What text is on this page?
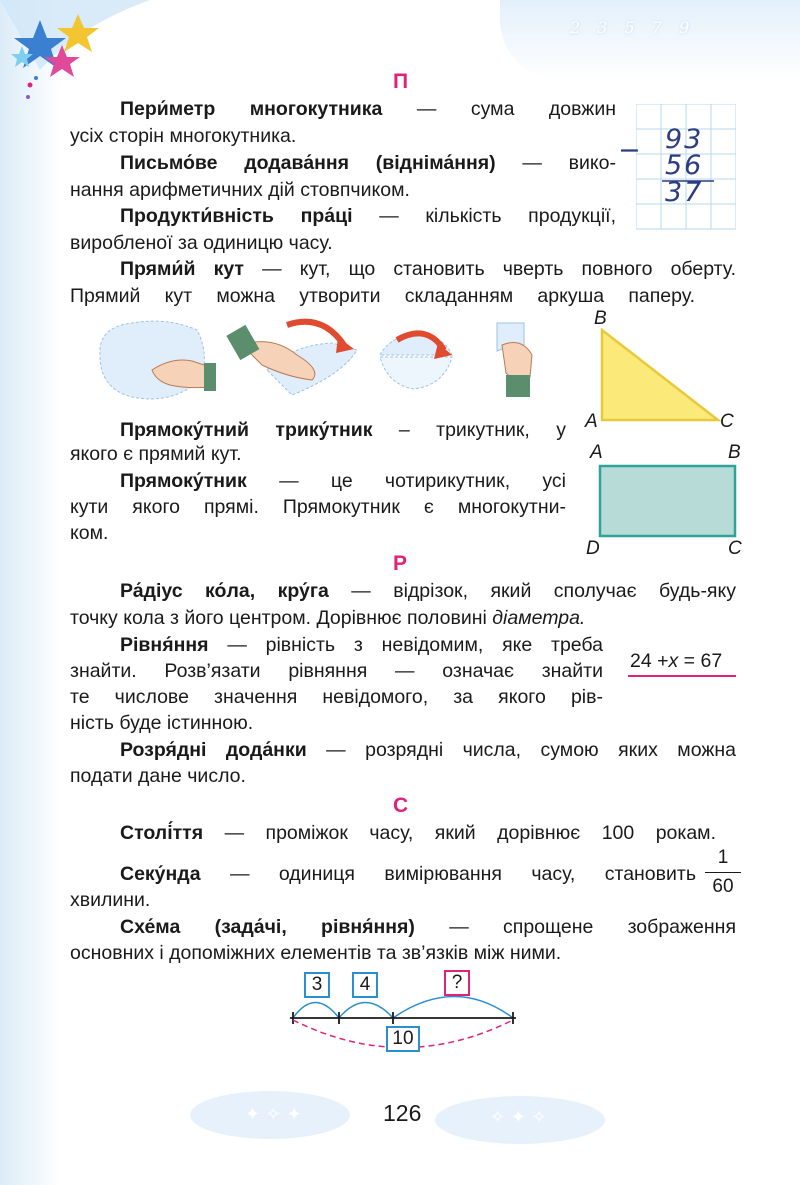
2 3 5 7 9
П
Пери́метр многокутника — сума довжин
усіх сторін многокутника.
Письмо́ве додава́ння (відніма́ння) — вико-
нання арифметичних дій стовпчиком.
− 93
56
37
Продукти́вність пра́ці — кількість продукції,
виробленої за одиницю часу.
Прями́й кут — кут, що становить чверть повного оберту.
Прямий кут можна утворити складанням аркуша паперу.
B
A	C
Прямоку́тний трику́тник – трикутник, у
якого є прямий кут.	A	B
D	C
Прямоку́тник — це чотирикутник, усі
кути якого прямі. Прямокутник є многокутни-
ком.
Р
Ра́діус ко́ла, кру́га — відрізок, який сполучає будь-яку
точку кола з його центром. Дорівнює половині діаметра.
Рівня́ння — рівність з невідомим, яке треба
знайти. Розв’язати рівняння — означає знайти
те числове значення невідомого, за якого рів-
ність буде істинною.
24 +x = 67
Розря́дні дода́нки — розрядні числа, сумою яких можна
подати дане число.
С
Столі́ття — проміжок часу, який дорівнює 100 рокам.
Секу́нда — одиниця вимірювання часу, становить
хвилини.
1
60
Схе́ма (зада́чі, рівня́ння) — спрощене зображення
основних і допоміжних елементів та зв’язків між ними.
3	4	?
10
✦ ✧ ✦	✧ ✦ ✧
126
